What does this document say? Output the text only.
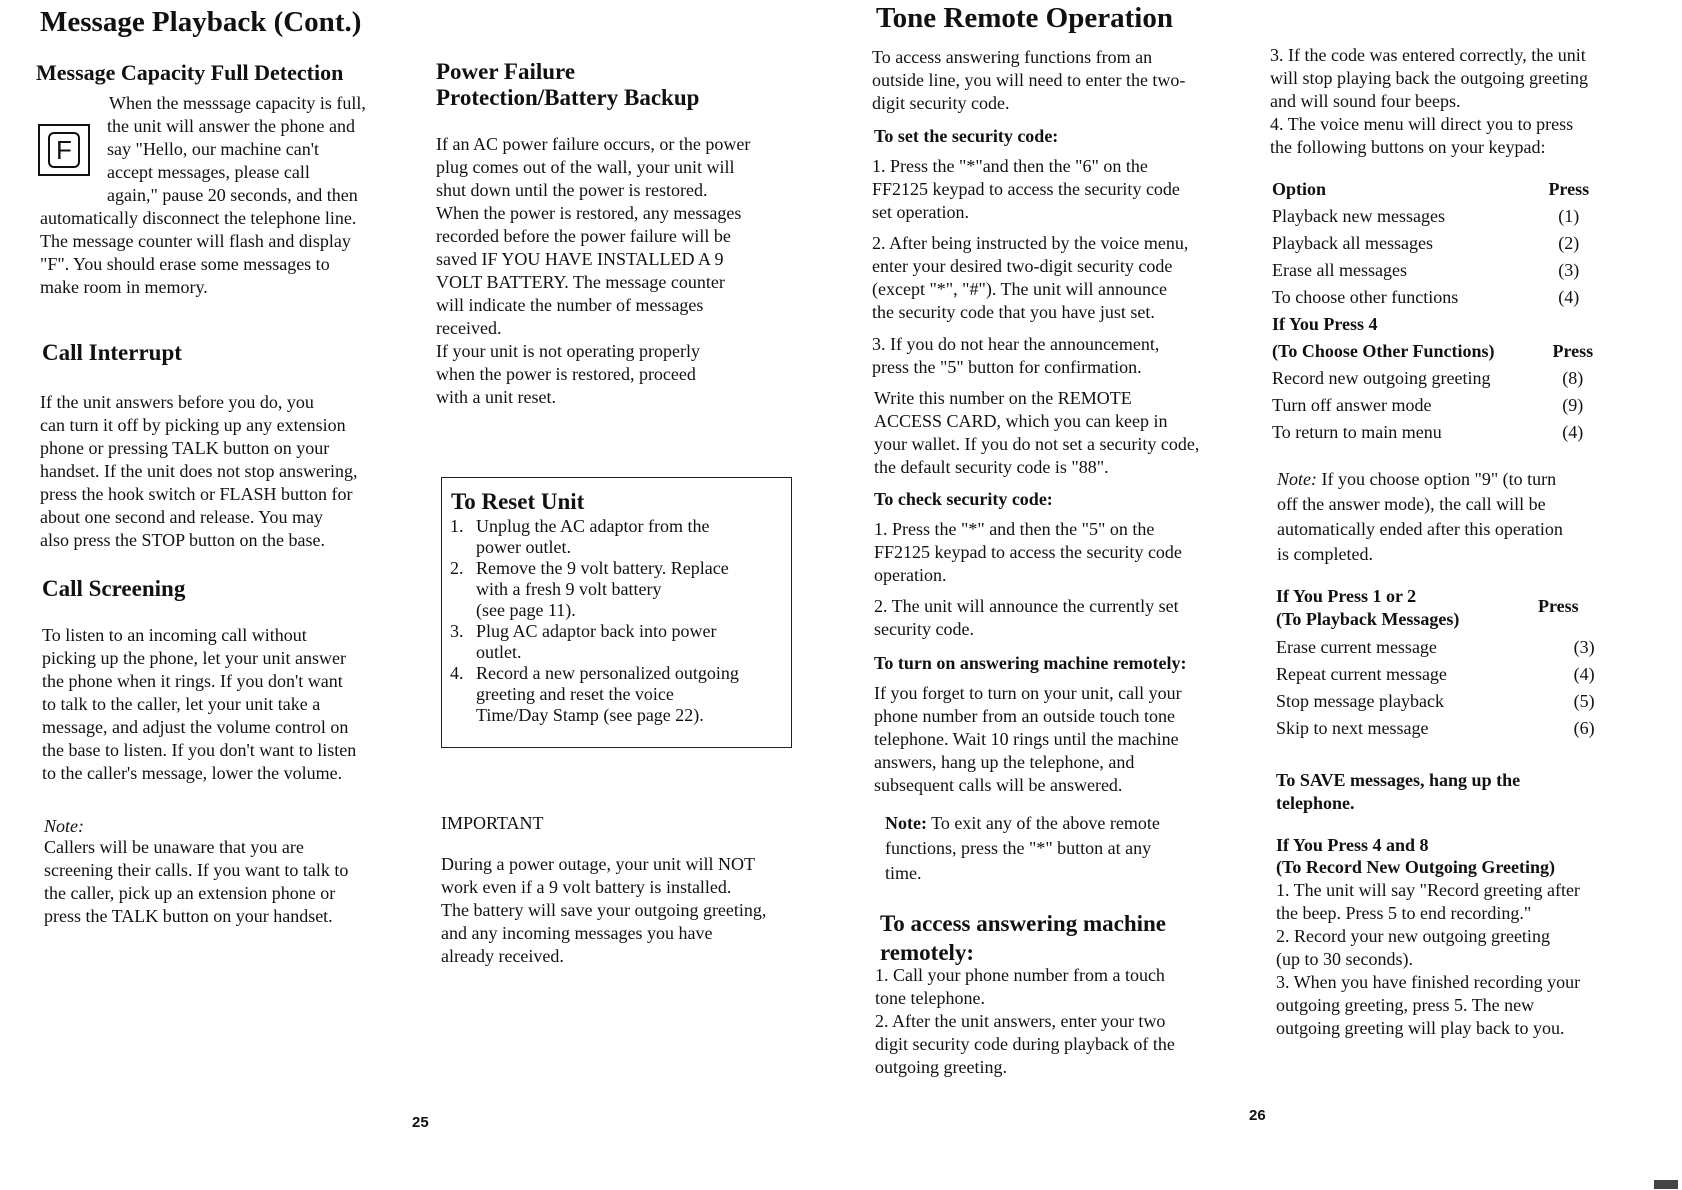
Message Playback (Cont.)
Message Capacity Full Detection
F
When the messsage capacity is full,
the unit will answer the phone and
say "Hello, our machine can't
accept messages, please call
again," pause 20 seconds, and then

automatically disconnect the telephone line.
The message counter will flash and display
"F". You should erase some messages to
make room in memory.

Call Interrupt

If the unit answers before you do, you
can turn it off by picking up any extension
phone or pressing TALK button on your
handset. If the unit does not stop answering,
press the hook switch or FLASH button for
about one second and release. You may
also press the STOP button on the base.

Call Screening

To listen to an incoming call without
picking up the phone, let your unit answer
the phone when it rings. If you don't want
to talk to the caller, let your unit take a
message, and adjust the volume control on
the base to listen. If you don't want to listen
to the caller's message, lower the volume.

Note:

Callers will be unaware that you are
screening their calls. If you want to talk to
the caller, pick up an extension phone or
press the TALK button on your handset.

Power Failure
Protection/Battery Backup

If an AC power failure occurs, or the power
plug comes out of the wall, your unit will
shut down until the power is restored.
When the power is restored, any messages
recorded before the power failure will be
saved IF YOU HAVE INSTALLED A 9
VOLT BATTERY. The message counter
will indicate the number of messages
received.
If your unit is not operating properly
when the power is restored, proceed
with a unit reset.

To Reset Unit
1. Unplug the AC adaptor from the
power outlet.
2. Remove the 9 volt battery. Replace
with a fresh 9 volt battery
(see page 11).
3. Plug AC adaptor back into power
outlet.
4. Record a new personalized outgoing
greeting and reset the voice
Time/Day Stamp (see page 22).

IMPORTANT

During a power outage, your unit will NOT
work even if a 9 volt battery is installed.
The battery will save your outgoing greeting,
and any incoming messages you have
already received.

25
Tone Remote Operation

To access answering functions from an
outside line, you will need to enter the two-
digit security code.

To set the security code:

1. Press the "*"and then the "6" on the
FF2125 keypad to access the security code
set operation.

2. After being instructed by the voice menu,
enter your desired two-digit security code
(except "*", "#"). The unit will announce
the security code that you have just set.

3. If you do not hear the announcement,
press the "5" button for confirmation.

Write this number on the REMOTE
ACCESS CARD, which you can keep in
your wallet. If you do not set a security code,
the default security code is "88".

To check security code:

1. Press the "*" and then the "5" on the
FF2125 keypad to access the security code
operation.

2. The unit will announce the currently set
security code.

To turn on answering machine remotely:

If you forget to turn on your unit, call your
phone number from an outside touch tone
telephone. Wait 10 rings until the machine
answers, hang up the telephone, and
subsequent calls will be answered.

Note: To exit any of the above remote
functions, press the "*" button at any
time.

To access answering machine
remotely:

1. Call your phone number from a touch
tone telephone.
2. After the unit answers, enter your two
digit security code during playback of the
outgoing greeting.

3. If the code was entered correctly, the unit
will stop playing back the outgoing greeting
and will sound four beeps.
4. The voice menu will direct you to press
the following buttons on your keypad:

Option	Press
Playback new messages	(1)
Playback all messages	(2)
Erase all messages	(3)
To choose other functions	(4)

If You Press 4

(To Choose Other Functions)	Press
Record new outgoing greeting	(8)
Turn off answer mode	(9)
To return to main menu	(4)

Note: If you choose option "9" (to turn
off the answer mode), the call will be
automatically ended after this operation
is completed.

If You Press 1 or 2	Press

(To Playback Messages)

Erase current message	(3)
Repeat current message	(4)
Stop message playback	(5)
Skip to next message	(6)

To SAVE messages, hang up the
telephone.

If You Press 4 and 8

(To Record New Outgoing Greeting)

1. The unit will say "Record greeting after
the beep. Press 5 to end recording."
2. Record your new outgoing greeting
(up to 30 seconds).
3. When you have finished recording your
outgoing greeting, press 5. The new
outgoing greeting will play back to you.

26
